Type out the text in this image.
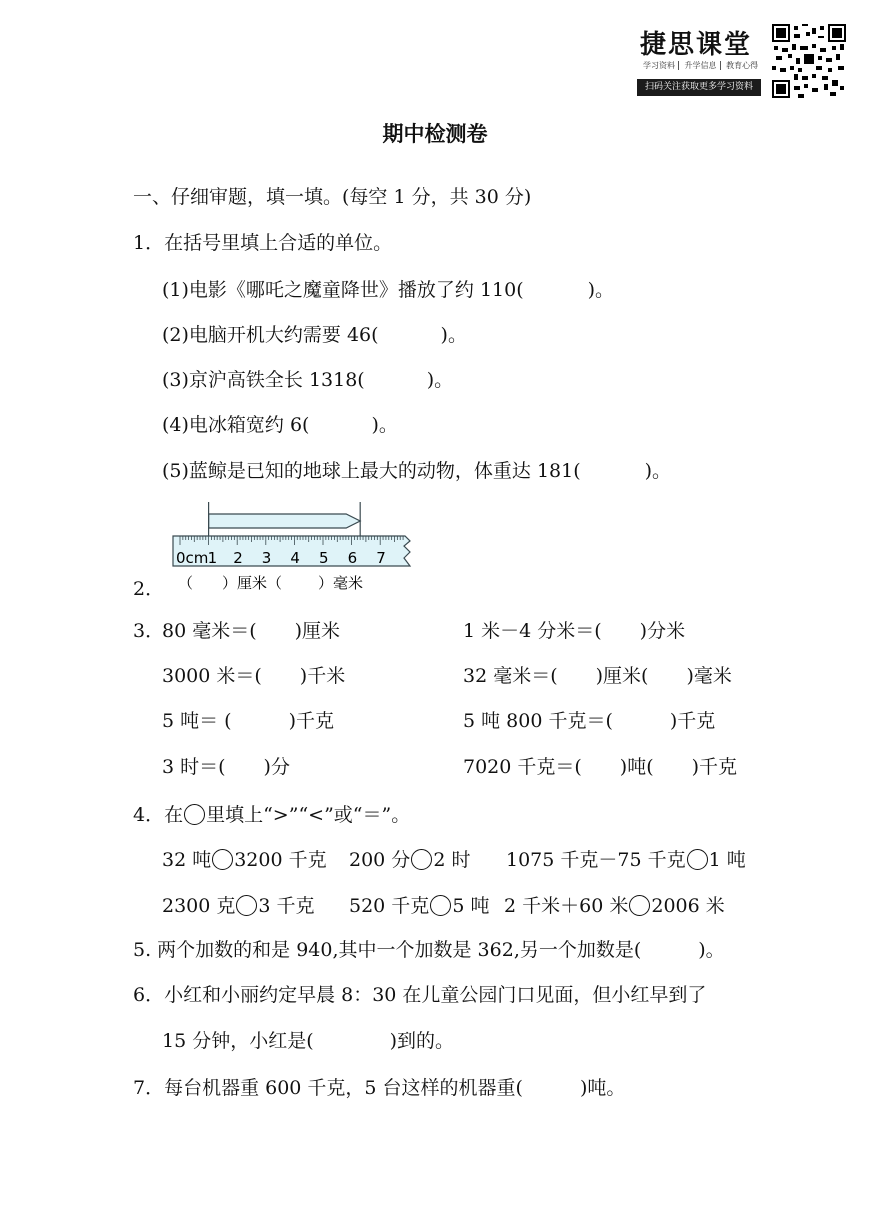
捷思课堂
学习资料 升学信息 教育心得
扫码关注获取更多学习资料
期中检测卷
一、仔细审题，填一填。(每空 1 分，共 30 分)
1．在括号里填上合适的单位。
(1)电影《哪吒之魔童降世》播放了约 110(	)。
(2)电脑开机大约需要 46(	)。
(3)京沪高铁全长 1318(	)。
(4)电冰箱宽约 6(	)。
(5)蓝鲸是已知的地球上最大的动物，体重达 181(	)。
2．
0cm 1 2 3 4 5 6 7
（ ）厘米（ ）毫米
3．
80 毫米＝(　　)厘米	1 米－4 分米＝(　　)分米
3000 米＝(　　)千米	32 毫米＝(　　)厘米(　　)毫米
5 吨＝ (　　　)千克	5 吨 800 千克＝(　　　)千克
3 时＝(　　)分	7020 千克＝(　　)吨(　　)千克
4．在 里填上“>”“<”或“＝”。
32 吨 3200 千克 200 分 2 时 1075 千克－75 千克 1 吨
2300 克 3 千克 520 千克 5 吨 2 千米＋60 米 2006 米
5. 两个加数的和是 940,其中一个加数是 362,另一个加数是(　　　)。
6．小红和小丽约定早晨 8：30 在儿童公园门口见面，但小红早到了
15 分钟，小红是(　　　　)到的。
7．每台机器重 600 千克，5 台这样的机器重(　　　)吨。
